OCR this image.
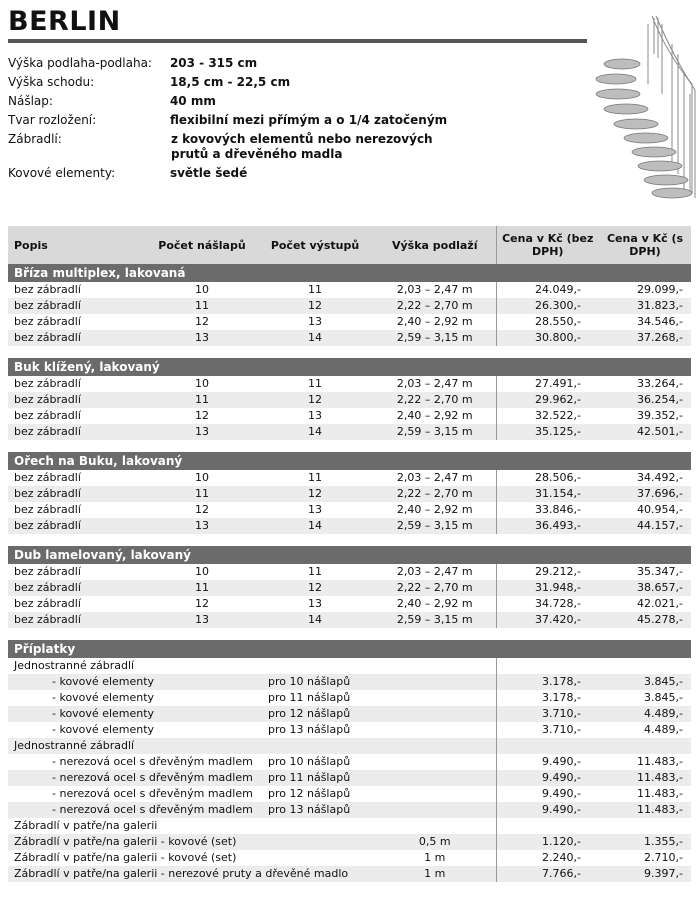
BERLIN
Výška podlaha-podlaha:	203 - 315 cm
Výška schodu:	18,5 cm - 22,5 cm
Nášlap:	40 mm
Tvar rozložení:	flexibilní mezi přímým a o 1/4 zatočeným
Zábradlí:	z kovových elementů nebo nerezových prutů a dřevěného madla
Kovové elementy:	světle šedé
Popis	Počet nášlapů	Počet výstupů	Výška podlaží	Cena v Kč (bez DPH)	Cena v Kč (s DPH)
Bříza multiplex, lakovaná					
bez zábradlí	10	11	2,03 – 2,47 m	24.049,-	29.099,-
bez zábradlí	11	12	2,22 – 2,70 m	26.300,-	31.823,-
bez zábradlí	12	13	2,40 – 2,92 m	28.550,-	34.546,-
bez zábradlí	13	14	2,59 – 3,15 m	30.800,-	37.268,-

Buk klížený, lakovaný					
bez zábradlí	10	11	2,03 – 2,47 m	27.491,-	33.264,-
bez zábradlí	11	12	2,22 – 2,70 m	29.962,-	36.254,-
bez zábradlí	12	13	2,40 – 2,92 m	32.522,-	39.352,-
bez zábradlí	13	14	2,59 – 3,15 m	35.125,-	42.501,-

Ořech na Buku, lakovaný					
bez zábradlí	10	11	2,03 – 2,47 m	28.506,-	34.492,-
bez zábradlí	11	12	2,22 – 2,70 m	31.154,-	37.696,-
bez zábradlí	12	13	2,40 – 2,92 m	33.846,-	40.954,-
bez zábradlí	13	14	2,59 – 3,15 m	36.493,-	44.157,-

Dub lamelovaný, lakovaný					
bez zábradlí	10	11	2,03 – 2,47 m	29.212,-	35.347,-
bez zábradlí	11	12	2,22 – 2,70 m	31.948,-	38.657,-
bez zábradlí	12	13	2,40 – 2,92 m	34.728,-	42.021,-
bez zábradlí	13	14	2,59 – 3,15 m	37.420,-	45.278,-

Příplatky					
Jednostranné zábradlí					
- kovové elementy		pro 10 nášlapů		3.178,-	3.845,-
- kovové elementy		pro 11 nášlapů		3.178,-	3.845,-
- kovové elementy		pro 12 nášlapů		3.710,-	4.489,-
- kovové elementy		pro 13 nášlapů		3.710,-	4.489,-
Jednostranné zábradlí					
- nerezová ocel s dřevěným madlem		pro 10 nášlapů		9.490,-	11.483,-
- nerezová ocel s dřevěným madlem		pro 11 nášlapů		9.490,-	11.483,-
- nerezová ocel s dřevěným madlem		pro 12 nášlapů		9.490,-	11.483,-
- nerezová ocel s dřevěným madlem		pro 13 nášlapů		9.490,-	11.483,-
Zábradlí v patře/na galerii					
Zábradlí v patře/na galerii - kovové (set)			0,5 m	1.120,-	1.355,-
Zábradlí v patře/na galerii - kovové (set)			1 m	2.240,-	2.710,-
Zábradlí v patře/na galerii - nerezové pruty a dřevěné madlo			1 m	7.766,-	9.397,-
